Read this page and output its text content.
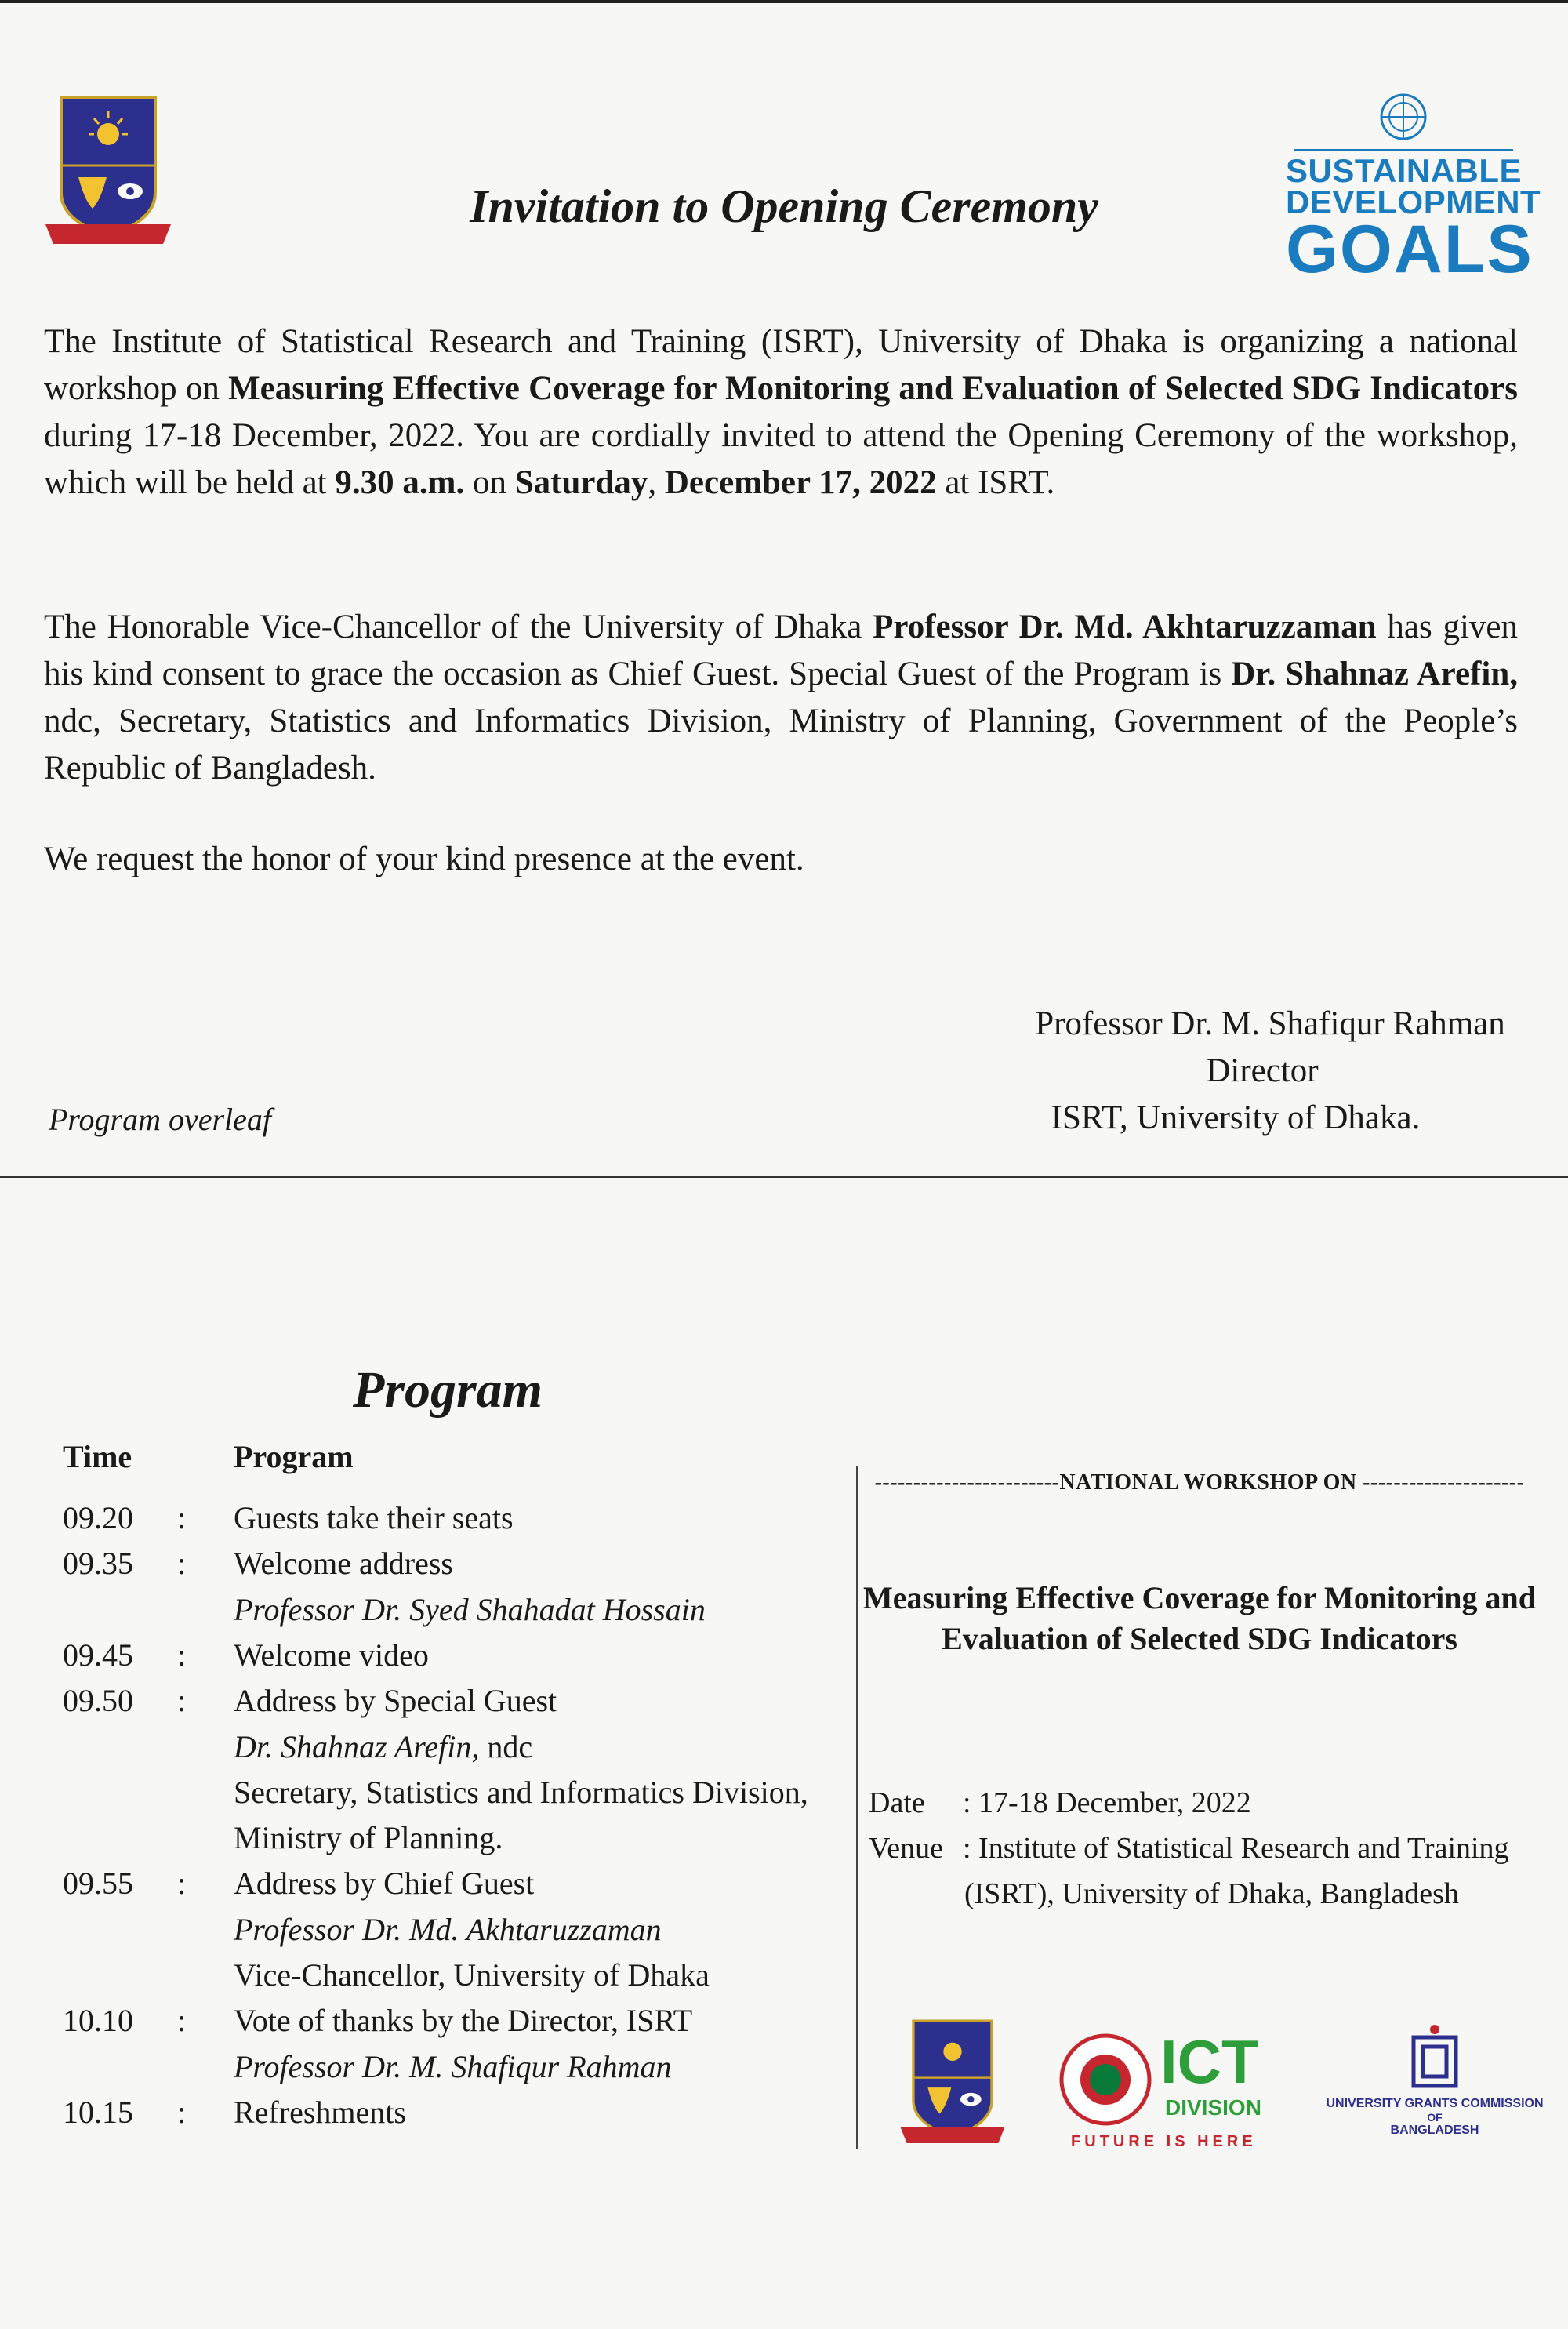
SUSTAINABLE
DEVELOPMENT
GOALS
Invitation to Opening Ceremony
The Institute of Statistical Research and Training (ISRT), University of Dhaka is organizing a national workshop on Measuring Effective Coverage for Monitoring and Evaluation of Selected SDG Indicators during 17-18 December, 2022. You are cordially invited to attend the Opening Ceremony of the workshop, which will be held at 9.30 a.m. on Saturday, December 17, 2022 at ISRT.
The Honorable Vice-Chancellor of the University of Dhaka Professor Dr. Md. Akhtaruzzaman has given his kind consent to grace the occasion as Chief Guest. Special Guest of the Program is Dr. Shahnaz Arefin, ndc, Secretary, Statistics and Informatics Division, Ministry of Planning, Government of the People’s Republic of Bangladesh.
We request the honor of your kind presence at the event.
Professor Dr. M. Shafiqur Rahman
Director
ISRT, University of Dhaka.
Program overleaf
Program
Time	Program
09.20 : Guests take their seats
09.35 : Welcome address
Professor Dr. Syed Shahadat Hossain
09.45 : Welcome video
09.50 : Address by Special Guest
Dr. Shahnaz Arefin, ndc
Secretary, Statistics and Informatics Division,
Ministry of Planning.
09.55 : Address by Chief Guest
Professor Dr. Md. Akhtaruzzaman
Vice-Chancellor, University of Dhaka
10.10 : Vote of thanks by the Director, ISRT
Professor Dr. M. Shafiqur Rahman
10.15 : Refreshments
------------------------NATIONAL WORKSHOP ON ---------------------
Measuring Effective Coverage for Monitoring and
Evaluation of Selected SDG Indicators
Date : 17-18 December, 2022
Venue : Institute of Statistical Research and Training
(ISRT), University of Dhaka, Bangladesh
ICT
DIVISION
FUTURE IS HERE
UNIVERSITY GRANTS COMMISSION
OF
BANGLADESH
